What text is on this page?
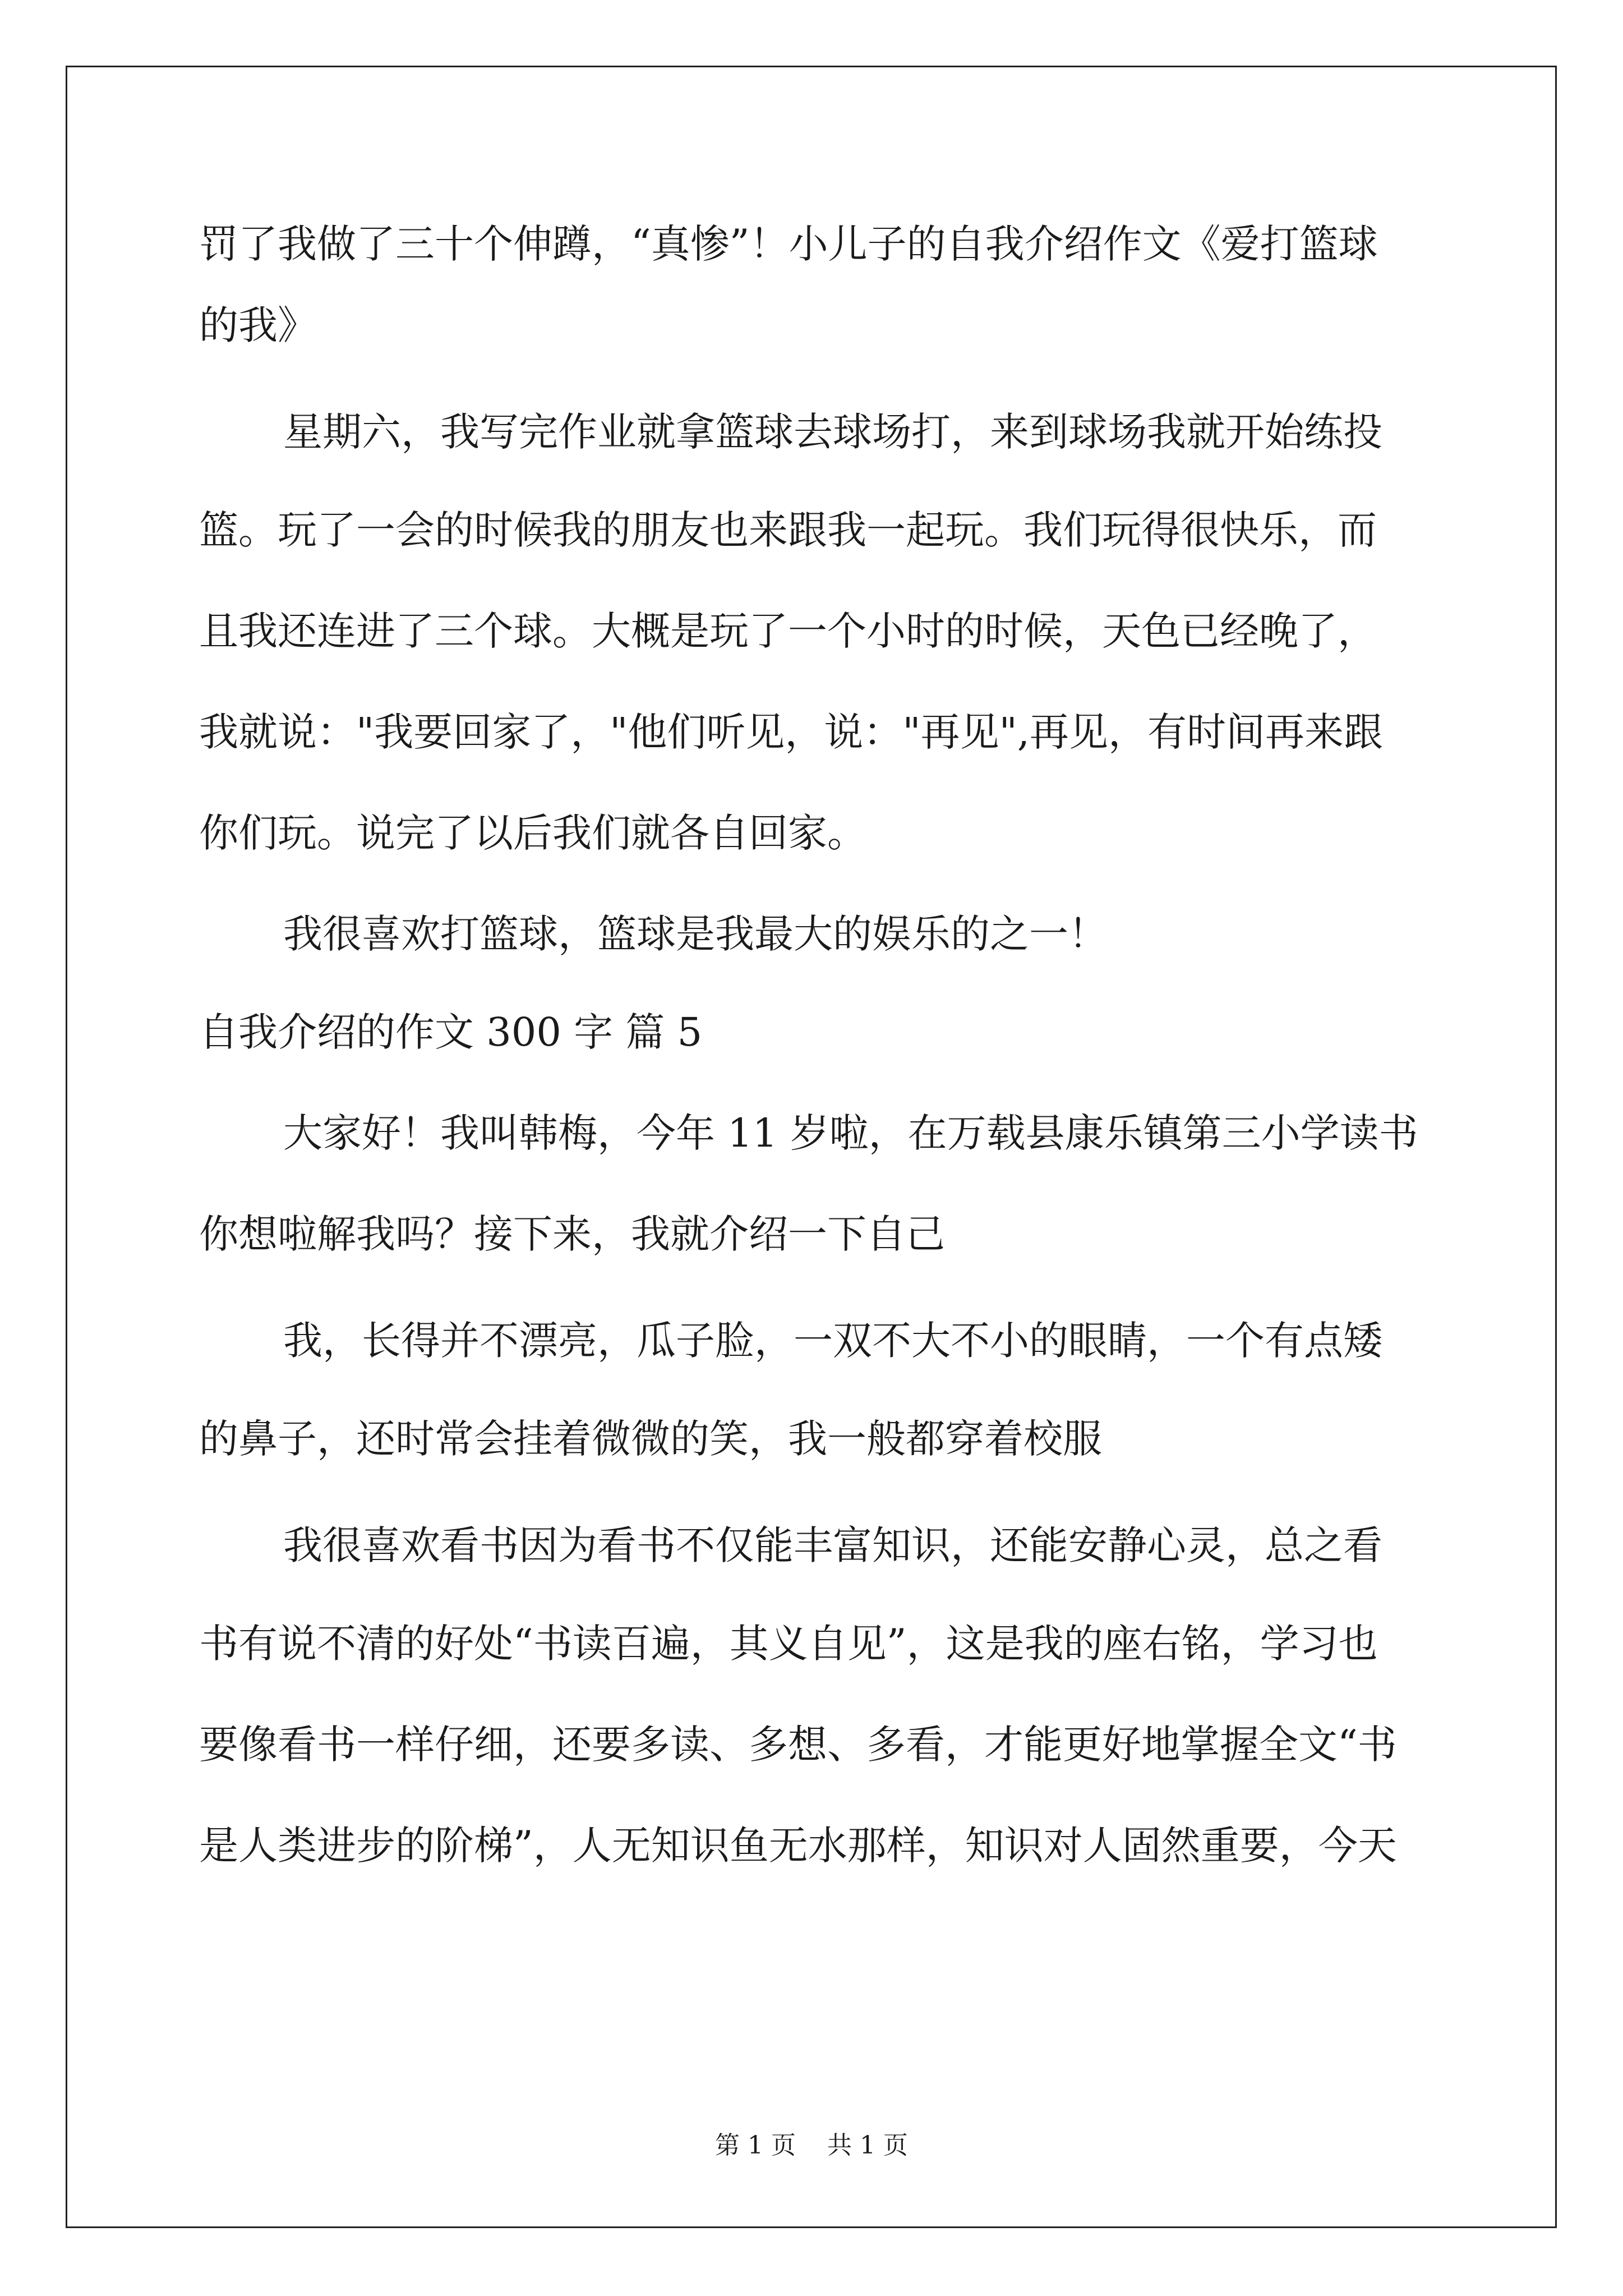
罚了我做了三十个伸蹲，“真惨”！小儿子的自我介绍作文《爱打篮球
的我》
星期六，我写完作业就拿篮球去球场打，来到球场我就开始练投
篮。玩了一会的时候我的朋友也来跟我一起玩。我们玩得很快乐，而
且我还连进了三个球。大概是玩了一个小时的时候，天色已经晚了，
我就说："我要回家了，"他们听见，说："再见",再见，有时间再来跟
你们玩。说完了以后我们就各自回家。
我很喜欢打篮球，篮球是我最大的娱乐的之一！
自我介绍的作文 300 字 篇 5
大家好！我叫韩梅，今年 11 岁啦，在万载县康乐镇第三小学读书
你想啦解我吗？接下来，我就介绍一下自己
我，长得并不漂亮，瓜子脸，一双不大不小的眼睛，一个有点矮
的鼻子，还时常会挂着微微的笑，我一般都穿着校服
我很喜欢看书因为看书不仅能丰富知识，还能安静心灵，总之看
书有说不清的好处“书读百遍，其义自见”，这是我的座右铭，学习也
要像看书一样仔细，还要多读、多想、多看，才能更好地掌握全文“书
是人类进步的阶梯”，人无知识鱼无水那样，知识对人固然重要，今天
第 1 页    共 1 页
